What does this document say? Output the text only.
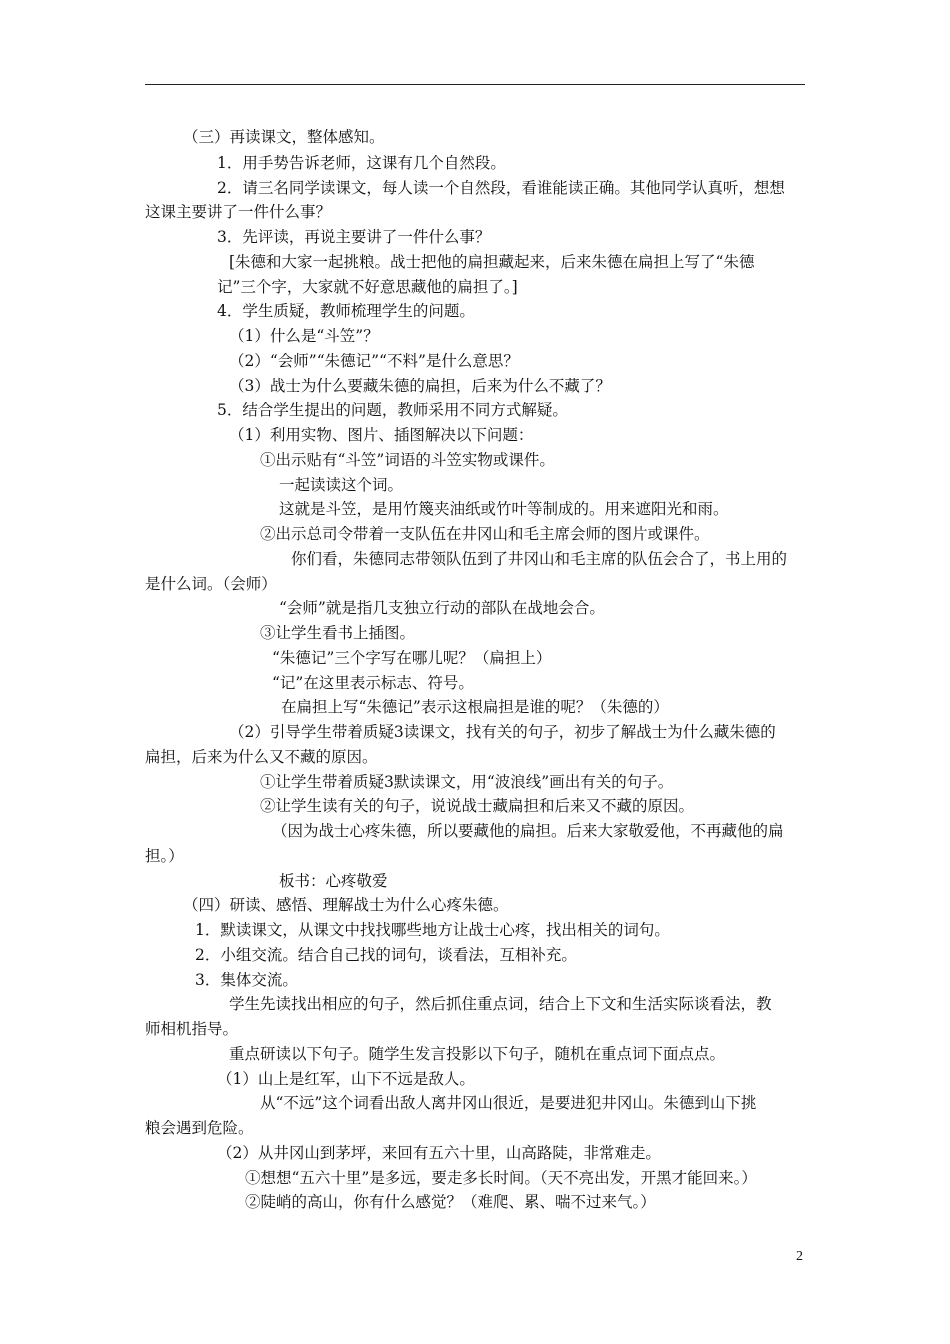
（三）再读课文，整体感知。
1．用手势告诉老师，这课有几个自然段。
2．请三名同学读课文，每人读一个自然段，看谁能读正确。其他同学认真听，想想
这课主要讲了一件什么事？
3．先评读，再说主要讲了一件什么事？
[朱德和大家一起挑粮。战士把他的扁担藏起来，后来朱德在扁担上写了“朱德
记”三个字，大家就不好意思藏他的扁担了。]
4．学生质疑，教师梳理学生的问题。
（1）什么是“斗笠”？
（2）“会师”“朱德记”“不料”是什么意思？
（3）战士为什么要藏朱德的扁担，后来为什么不藏了？
5．结合学生提出的问题，教师采用不同方式解疑。
（1）利用实物、图片、插图解决以下问题：
①出示贴有“斗笠”词语的斗笠实物或课件。
一起读读这个词。
这就是斗笠，是用竹篾夹油纸或竹叶等制成的。用来遮阳光和雨。
②出示总司令带着一支队伍在井冈山和毛主席会师的图片或课件。
你们看，朱德同志带领队伍到了井冈山和毛主席的队伍会合了，书上用的
是什么词。（会师）
“会师”就是指几支独立行动的部队在战地会合。
③让学生看书上插图。
“朱德记”三个字写在哪儿呢？（扁担上）
“记”在这里表示标志、符号。
在扁担上写“朱德记”表示这根扁担是谁的呢？（朱德的）
（2）引导学生带着质疑3读课文，找有关的句子，初步了解战士为什么藏朱德的
扁担，后来为什么又不藏的原因。
①让学生带着质疑3默读课文，用“波浪线”画出有关的句子。
②让学生读有关的句子，说说战士藏扁担和后来又不藏的原因。
（因为战士心疼朱德，所以要藏他的扁担。后来大家敬爱他，不再藏他的扁
担。）
板书：心疼敬爱
（四）研读、感悟、理解战士为什么心疼朱德。
1．默读课文，从课文中找找哪些地方让战士心疼，找出相关的词句。
2．小组交流。结合自己找的词句，谈看法，互相补充。
3．集体交流。
学生先读找出相应的句子，然后抓住重点词，结合上下文和生活实际谈看法，教
师相机指导。
重点研读以下句子。随学生发言投影以下句子，随机在重点词下面点点。
（1）山上是红军，山下不远是敌人。
从“不远”这个词看出敌人离井冈山很近，是要进犯井冈山。朱德到山下挑
粮会遇到危险。
（2）从井冈山到茅坪，来回有五六十里，山高路陡，非常难走。
①想想“五六十里”是多远，要走多长时间。（天不亮出发，开黑才能回来。）
②陡峭的高山，你有什么感觉？（难爬、累、喘不过来气。）
2
